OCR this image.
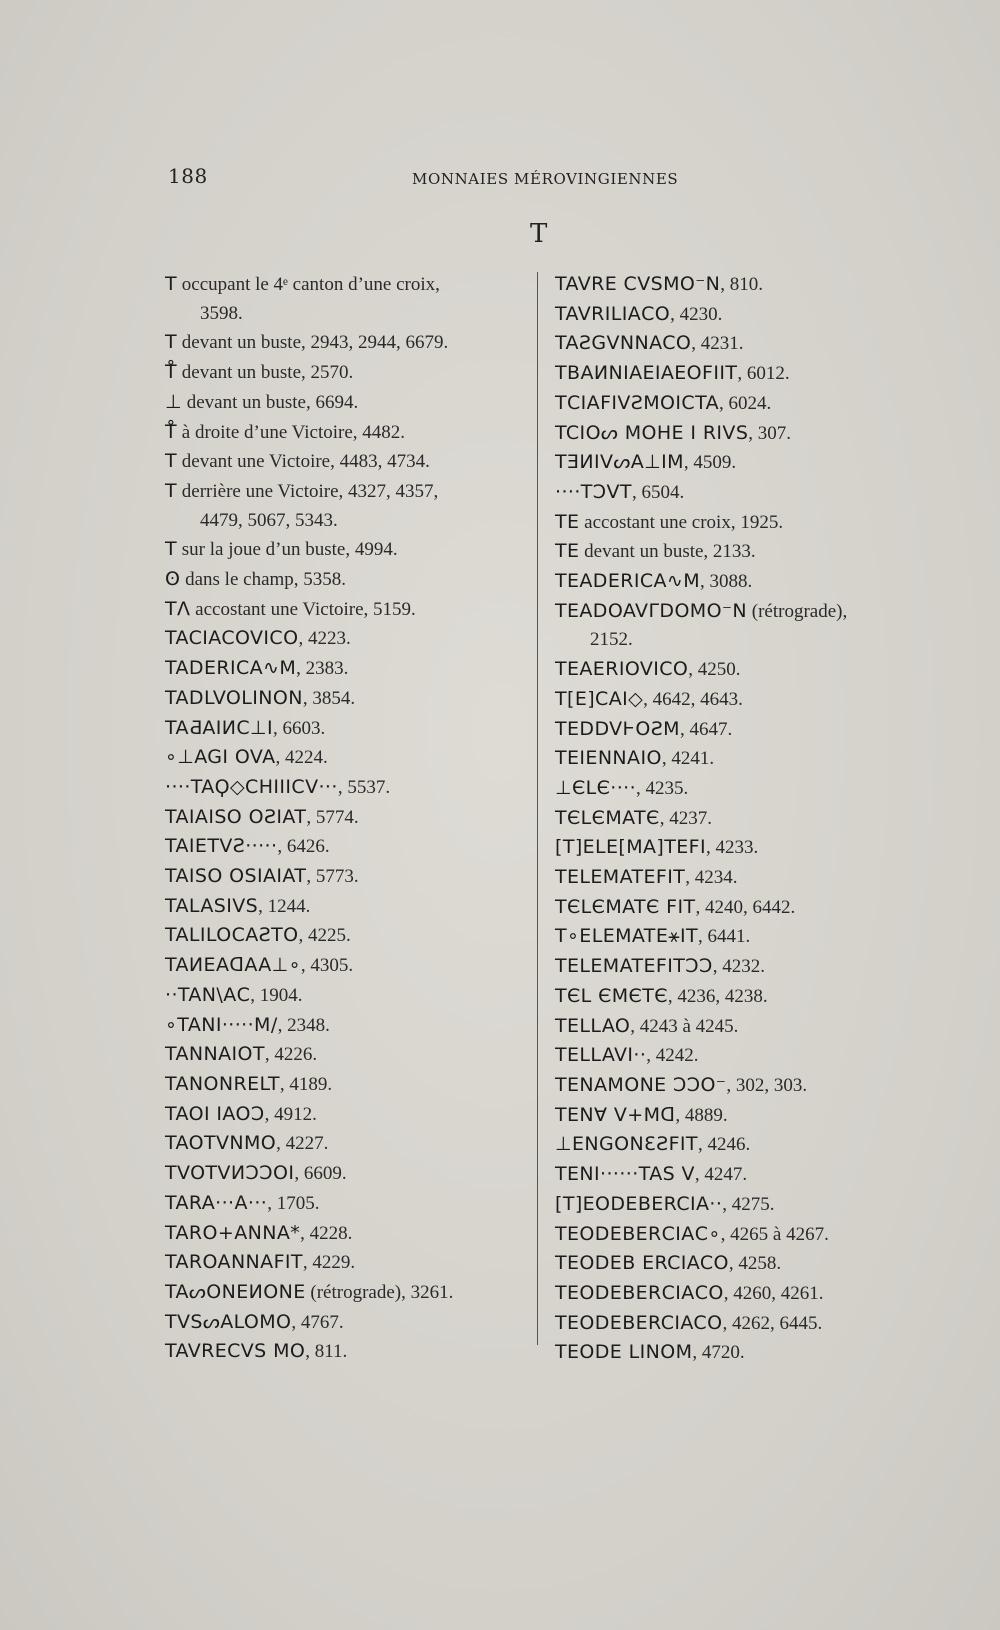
188	MONNAIES MÉROVINGIENNES
T
T occupant le 4ᵉ canton d’une croix,
3598.
T devant un buste, 2943, 2944, 6679.
T̊ devant un buste, 2570.
⊥ devant un buste, 6694.
T̊ à droite d’une Victoire, 4482.
T devant une Victoire, 4483, 4734.
T derrière une Victoire, 4327, 4357,
4479, 5067, 5343.
T sur la joue d’un buste, 4994.
ʘ dans le champ, 5358.
TΛ accostant une Victoire, 5159.
TACIACOVICO, 4223.
TADERICA∿M, 2383.
TADLVOLINON, 3854.
TAƋAIИⅭ⊥I, 6603.
∘⊥AGI OVA, 4224.
····TAϘ◇ⅭHIIIⅭV···, 5537.
TAIAISO OƧIAT, 5774.
TAIETVƧ·····, 6426.
TAISO OSIAIAT, 5773.
TALASIVS, 1244.
TALILOCAƧTO, 4225.
TAИEAᗡAA⊥∘, 4305.
··TAN\AⅭ, 1904.
∘TANI·····M/, 2348.
TANNAIOT, 4226.
TANONRELT, 4189.
TAOI IAOƆ, 4912.
TAOTVNMO, 4227.
TVOTVИƆƆOI, 6609.
TARA···A···, 1705.
TARO+ANNA*, 4228.
TAROANNAFIT, 4229.
TAᔕONEИONE (rétrograde), 3261.
TVSᔕALOMO, 4767.
TAVREⅭVS MO, 811.
TAVRE ⅭVSMO⁻N, 810.
TAVRILIAⅭO, 4230.
TAƧGVNNACO, 4231.
TBAИNIAEIAEOFIIT, 6012.
TⅭIAFIVƧMOIⅭTA, 6024.
TCIOᔕ MOHE I RIVS, 307.
TƎИIVᔕA⊥IM, 4509.
····TƆVT, 6504.
TE accostant une croix, 1925.
TE devant un buste, 2133.
TEADERICA∿M, 3088.
TEADOAVΓDOMO⁻N (rétrograde),
2152.
TEAERIOVICO, 4250.
T[E]ⅭAI◇, 4642, 4643.
TEDDVⱵOƧM, 4647.
TEIENNAIO, 4241.
⊥ЄLЄ····, 4235.
TЄLЄMATЄ, 4237.
[T]ELE[MA]TEFI, 4233.
TELEMATEFIT, 4234.
TЄLЄMATЄ FIT, 4240, 6442.
T∘ELEMATE⚹IT, 6441.
TELEMATEFITƆƆ, 4232.
TЄL ЄMЄTЄ, 4236, 4238.
TELLAO, 4243 à 4245.
TELLAVI··, 4242.
TENAMONE ƆƆO⁻, 302, 303.
TENⱯ V+Mᗡ, 4889.
⊥ENGONƐƧFIT, 4246.
TENI······TAS V, 4247.
[T]EODEBERCIA··, 4275.
TEODEBERⅭIAⅭ∘, 4265 à 4267.
TEODEB ERCIACO, 4258.
TEODEBERⅭIAⅭO, 4260, 4261.
TEODEBERCIACO, 4262, 6445.
TEODE LINOM, 4720.
